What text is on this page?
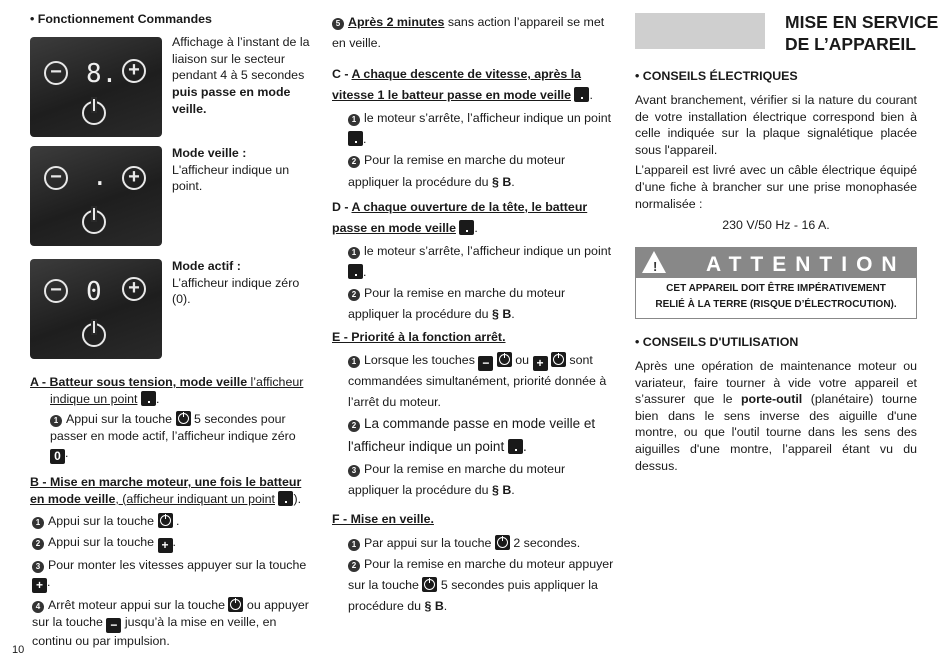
• Fonctionnement Commandes
− 8. +
Affichage à l’instant de la liaison sur le secteur pendant 4 à 5 secondes puis passe en mode veille.
− .	+
Mode veille :
L'afficheur indique un point.
− 0	+
Mode actif :
L’afficheur indique zéro (0).
A - Batteur sous tension, mode veille l’afficheur
indique un point .
1 Appui sur la touche 5 secondes pour passer en mode actif, l’afficheur indique zéro 0 .
B - Mise en marche moteur, une fois le batteur en mode veille, (afficheur indiquant un point ).
1 Appui sur la touche
.
2 Appui sur la touche + .
3 Pour monter les vitesses appuyer sur la touche + .
4 Arrêt moteur appui sur la touche ou appuyer sur la touche − jusqu’à la mise en veille, en continu ou par impulsion.
10
5 Après 2 minutes sans action l’appareil se met en veille.
C - A chaque descente de vitesse, après la vitesse 1 le batteur passe en mode veille .
1 le moteur s’arrête, l’afficheur indique un point .
2 Pour la remise en marche du moteur appliquer la procédure du § B.
D - A chaque ouverture de la tête, le batteur passe en mode veille .
1 le moteur s’arrête, l’afficheur indique un point .
2 Pour la remise en marche du moteur appliquer la procédure du § B.
E - Priorité à la fonction arrêt.
1 Lorsque les touches − ou + sont commandées simultanément, priorité donnée à l’arrêt du moteur.
2 La commande passe en mode veille et l'afficheur indique un point .
3 Pour la remise en marche du moteur appliquer la procédure du § B.
F - Mise en veille.
1 Par appui sur la touche 2 secondes.
2 Pour la remise en marche du moteur appuyer sur la touche 5 secondes puis appliquer la procédure du § B.
MISE EN SERVICE
DE L’APPAREIL
• CONSEILS ÉLECTRIQUES
Avant branchement, vérifier si la nature du courant de votre installation électrique correspond bien à celle indiquée sur la plaque signalétique placée sous l'appareil.
L’appareil est livré avec un câble électrique équipé d’une fiche à brancher sur une prise monophasée normalisée :
230 V/50 Hz - 16 A.
! ATTENTION
CET APPAREIL DOIT ÊTRE IMPÉRATIVEMENT
RELIÉ À LA TERRE (RISQUE D’ÉLECTROCUTION).
• CONSEILS D'UTILISATION
Après une opération de maintenance moteur ou variateur, faire tourner à vide votre appareil et s’assurer que le porte-outil (planétaire) tourne bien dans le sens inverse des aiguille d'une montre, ou que l'outil tourne dans les sens des aiguilles d'une montre, l’appareil étant vu du dessus.
